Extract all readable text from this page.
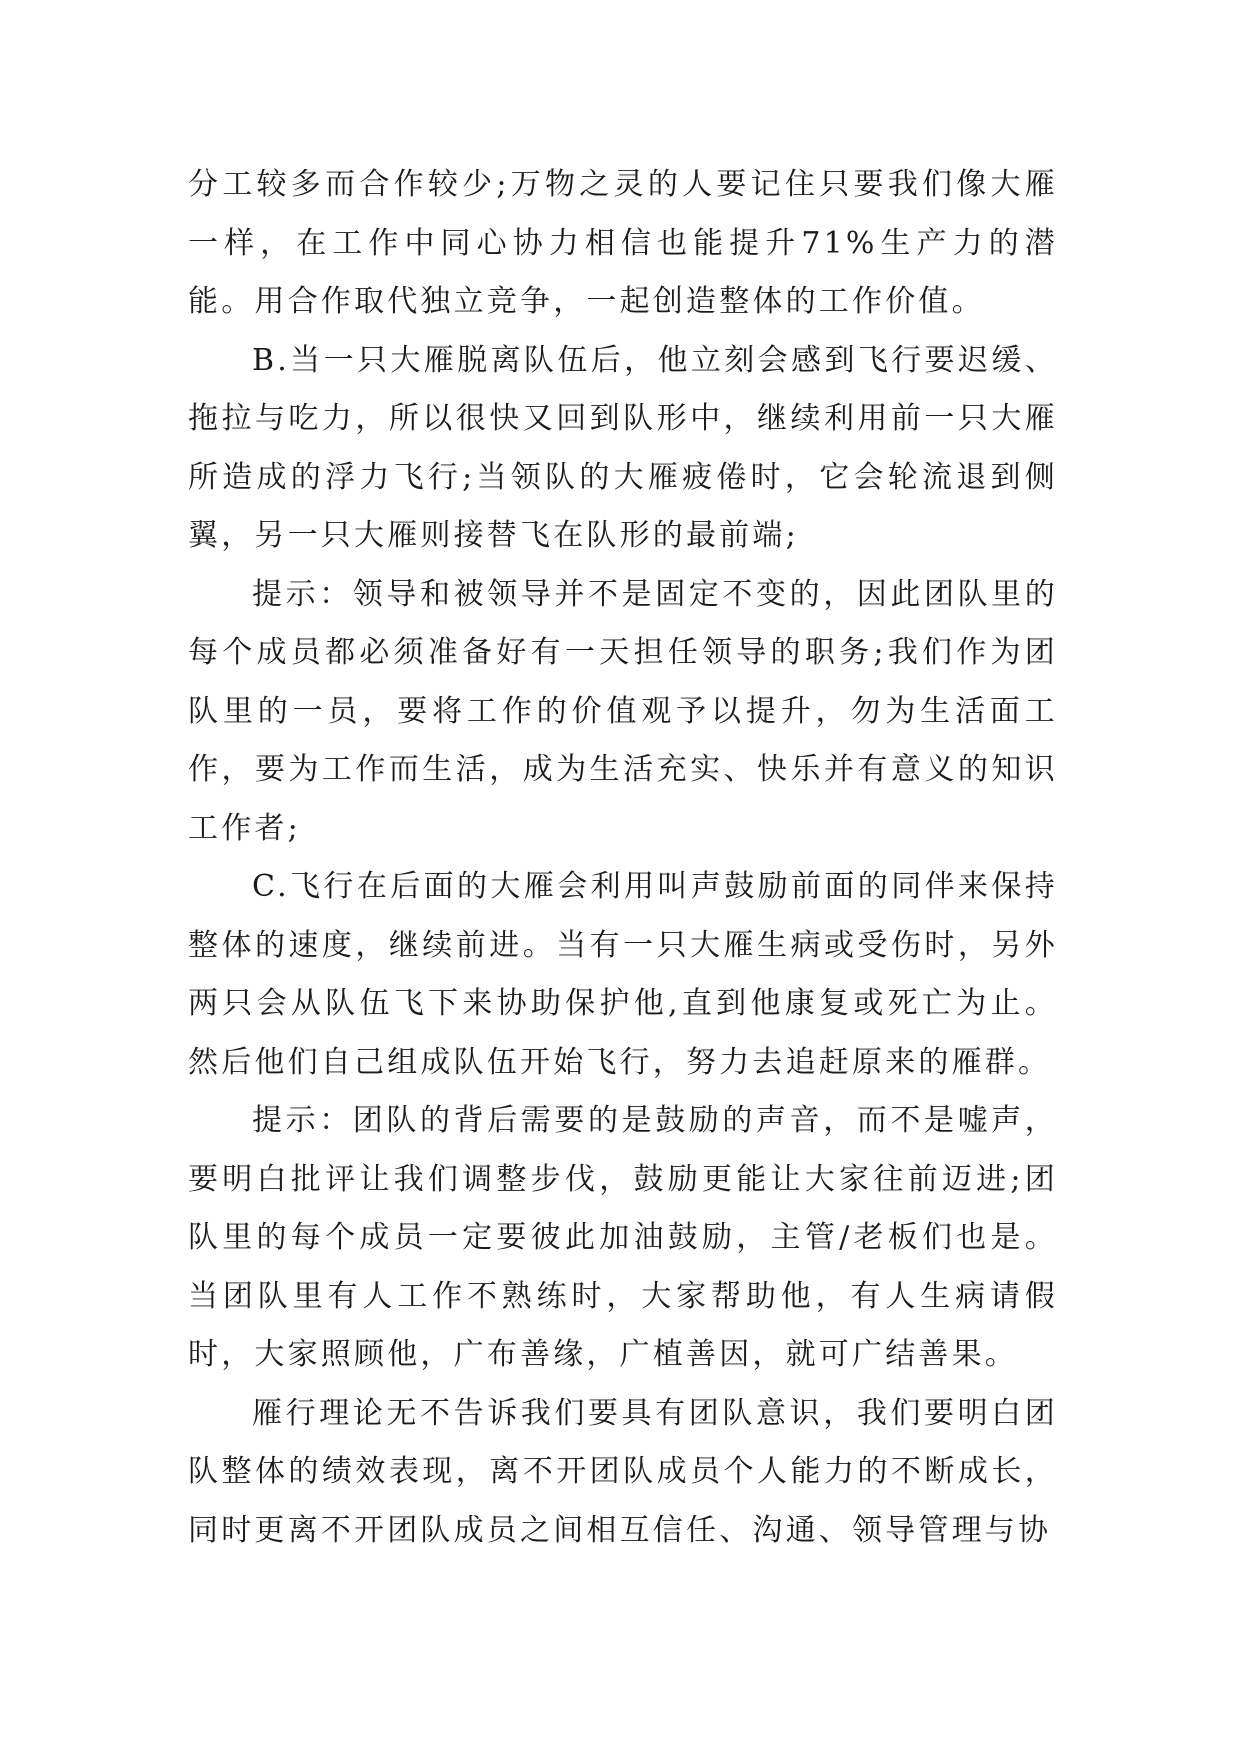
分工较多而合作较少;万物之灵的人要记住只要我们像大雁一样，在工作中同心协力相信也能提升71%生产力的潜能。用合作取代独立竞争，一起创造整体的工作价值。

B.当一只大雁脱离队伍后，他立刻会感到飞行要迟缓、拖拉与吃力，所以很快又回到队形中，继续利用前一只大雁所造成的浮力飞行;当领队的大雁疲倦时，它会轮流退到侧翼，另一只大雁则接替飞在队形的最前端;

提示：领导和被领导并不是固定不变的，因此团队里的每个成员都必须准备好有一天担任领导的职务;我们作为团队里的一员，要将工作的价值观予以提升，勿为生活面工作，要为工作而生活，成为生活充实、快乐并有意义的知识工作者;

C.飞行在后面的大雁会利用叫声鼓励前面的同伴来保持整体的速度，继续前进。当有一只大雁生病或受伤时，另外两只会从队伍飞下来协助保护他,直到他康复或死亡为止。然后他们自己组成队伍开始飞行，努力去追赶原来的雁群。

提示：团队的背后需要的是鼓励的声音，而不是嘘声，要明白批评让我们调整步伐，鼓励更能让大家往前迈进;团队里的每个成员一定要彼此加油鼓励，主管/老板们也是。当团队里有人工作不熟练时，大家帮助他，有人生病请假时，大家照顾他，广布善缘，广植善因，就可广结善果。

雁行理论无不告诉我们要具有团队意识，我们要明白团队整体的绩效表现，离不开团队成员个人能力的不断成长，同时更离不开团队成员之间相互信任、沟通、领导管理与协
